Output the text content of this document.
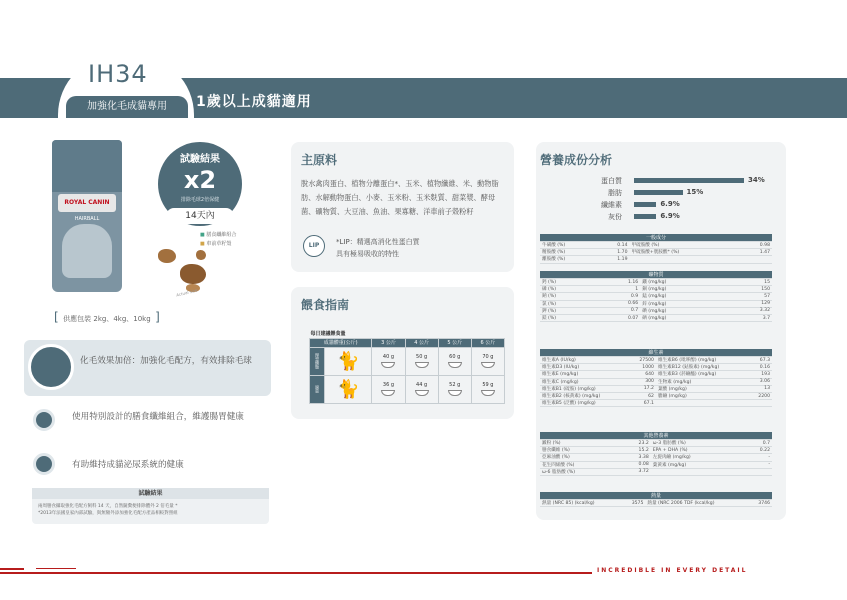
IH34
加強化毛成貓專用	1歲以上成貓適用
ROYAL CANIN
HAIRBALL
[ 供應包裝 2kg、4kg、10kg ]
試驗結果
x2
排除毛球2倍保健
14天內
■ 膳食纖維組合
■ 車前草籽殼
Actual size
化毛效果加倍：加強化毛配方，有效排除毛球
使用特別設計的膳食纖維組合，維護腸胃健康
有助維持成貓泌尿系統的健康
試驗結果
兩周膳食攝取強化毛配方飼料 14 天，自然隨糞便排除體外 2 倍毛量 *
*2013年法國皇家內部試驗，與無額外添加強化毛配方產品相較對照組
主原料
脫水禽肉蛋白、植物分離蛋白*、玉米、植物纖維、米、動物脂肪、水解動物蛋白、小麥、玉米粉、玉米麩質、甜菜漿、酵母菌、礦物質、大豆油、魚油、果寡糖、洋車前子殼粉籽
LIP	*LIP：精選高消化性蛋白質
具有極易吸收的特性
餵食指南
每日建議餵食量					
成貓體重(公斤)		3 公斤	4 公斤	5 公斤	6 公斤
理想體態	🐈	40 g	50 g	60 g	70 g

過重	🐈	36 g	44 g	52 g	59 g

營養成份分析
蛋白質	34%
脂肪	15%
纖維素	6.9%
灰份	6.9%
一般成分			
牛磺酸 (%)	0.14	甲硫胺酸 (%)	0.98
精胺酸 (%)	1.70	甲硫胺酸+胱胺酸* (%)	1.47
離胺酸 (%)	1.19		
礦物質			
鈣 (%)	1.16	鐵 (mg/kg)	15
磷 (%)	1	銅 (mg/kg)	150
鈉 (%)	0.9	錳 (mg/kg)	57
氯 (%)	0.66	鋅 (mg/kg)	129
鉀 (%)	0.7	碘 (mg/kg)	3.32
鎂 (%)	0.07	硒 (mg/kg)	3.7
維生素			
維生素A (IU/kg)	27500	維生素B6 (吡哆醇) (mg/kg)	67.3
維生素D3 (IU/kg)	1000	維生素B12 (鈷胺素) (mg/kg)	0.16
維生素E (mg/kg)	640	維生素B3 (菸鹼醯) (mg/kg)	193
維生素C (mg/kg)	300	生物素 (mg/kg)	3.06
維生素B1 (硫胺) (mg/kg)	17.2	葉酸 (mg/kg)	13
維生素B2 (核黃素) (mg/kg)	62	膽鹼 (mg/kg)	2200
維生素B5 (泛酸) (mg/kg)	67.1		
其他營養素			
澱粉 (%)	23.2	ω-3 脂肪酸 (%)	0.7
膳食纖維 (%)	15.2	EPA + DHA (%)	0.22
亞麻油酸 (%)	3.38	左旋肉鹼 (mg/kg)	-
花生四烯酸 (%)	0.08	葉黃素 (mg/kg)	-
ω-6 脂肪酸 (%)	3.72		
熱量
熱量 (NRC 85) (kcal/kg)	3575	熱量 (NRC 2006 TDF (kcal/kg)	3746
INCREDIBLE IN EVERY DETAIL
